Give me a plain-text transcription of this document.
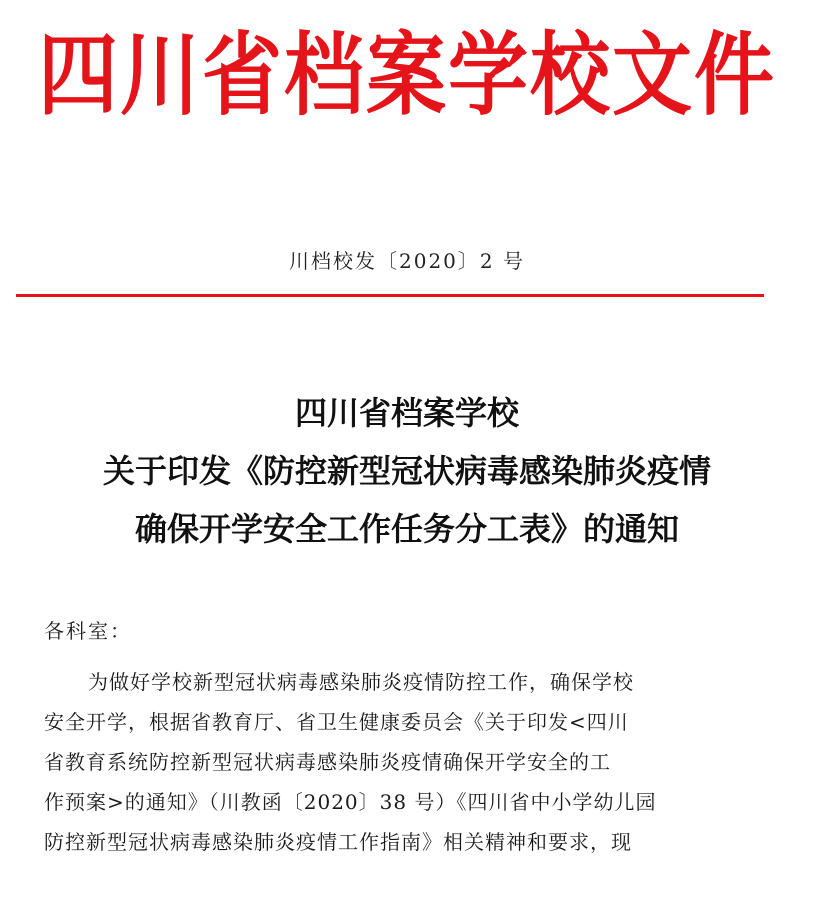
四川省档案学校文件
川档校发〔2020〕2 号
四川省档案学校
关于印发《防控新型冠状病毒感染肺炎疫情
确保开学安全工作任务分工表》的通知
各科室：
为做好学校新型冠状病毒感染肺炎疫情防控工作，确保学校
安全开学，根据省教育厅、省卫生健康委员会《关于印发<四川
省教育系统防控新型冠状病毒感染肺炎疫情确保开学安全的工
作预案>的通知》（川教函〔2020〕38 号）《四川省中小学幼儿园
防控新型冠状病毒感染肺炎疫情工作指南》相关精神和要求，现
